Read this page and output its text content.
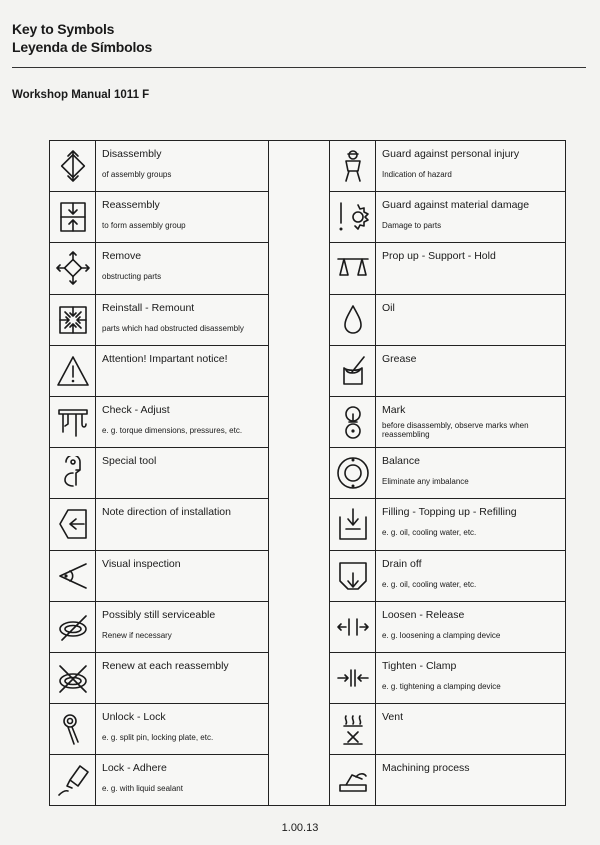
Key to Symbols
Leyenda de Símbolos
Workshop Manual 1011 F
Disassembly
of assembly groups
Reassembly
to form assembly group
Remove
obstructing parts
Reinstall - Remount
parts which had obstructed disassembly
Attention! Impartant notice!
Check - Adjust
e. g. torque dimensions, pressures, etc.
Special tool
Note direction of installation
Visual inspection
Possibly still serviceable
Renew if necessary
Renew at each reassembly
Unlock - Lock
e. g. split pin, locking plate, etc.
Lock - Adhere
e. g. with liquid sealant
Guard against personal injury
Indication of hazard
Guard against material damage
Damage to parts
Prop up - Support - Hold
Oil
Grease
Mark
before disassembly, observe marks when reassembling
Balance
Eliminate any imbalance
Filling - Topping up - Refilling
e. g. oil, cooling water, etc.
Drain off
e. g. oil, cooling water, etc.
Loosen - Release
e. g. loosening a clamping device
Tighten - Clamp
e. g. tightening a clamping device
Vent
Machining process
1.00.13
